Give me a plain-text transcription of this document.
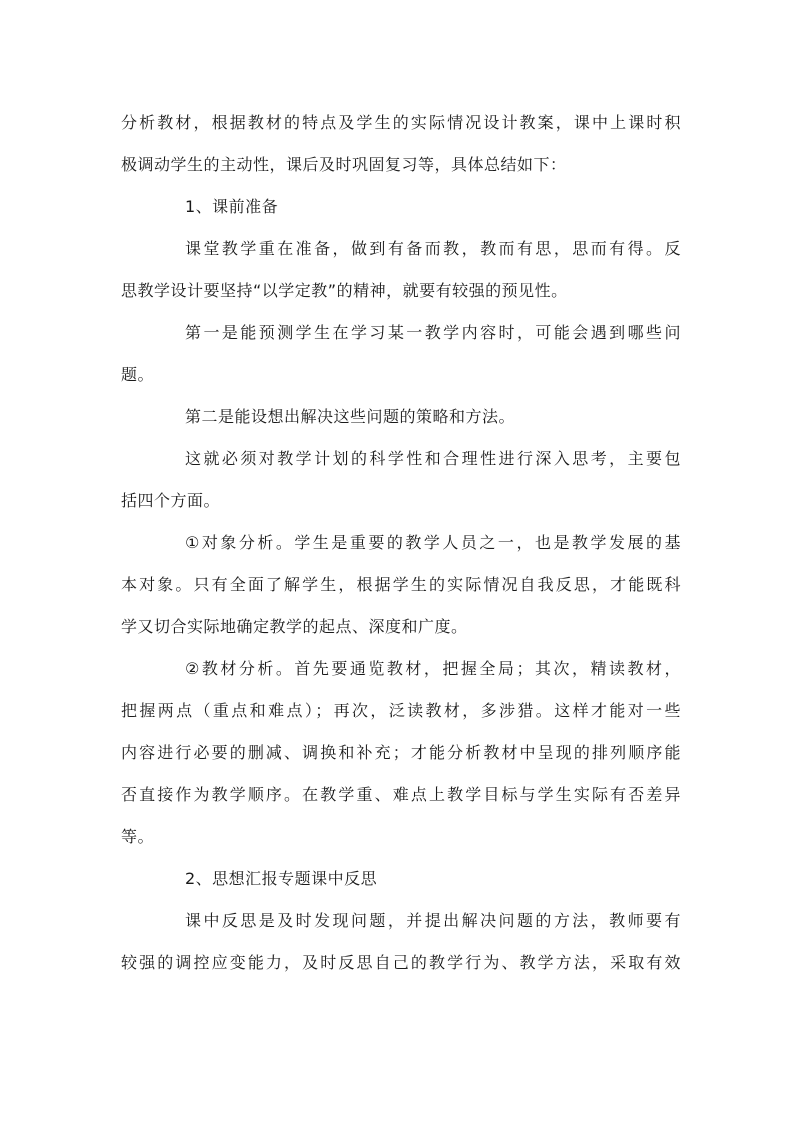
分析教材，根据教材的特点及学生的实际情况设计教案，课中上课时积
极调动学生的主动性，课后及时巩固复习等，具体总结如下：
1、课前准备
课堂教学重在准备，做到有备而教，教而有思，思而有得。反
思教学设计要坚持“以学定教”的精神，就要有较强的预见性。
第一是能预测学生在学习某一教学内容时，可能会遇到哪些问
题。
第二是能设想出解决这些问题的策略和方法。
这就必须对教学计划的科学性和合理性进行深入思考，主要包
括四个方面。
①对象分析。学生是重要的教学人员之一，也是教学发展的基
本对象。只有全面了解学生，根据学生的实际情况自我反思，才能既科
学又切合实际地确定教学的起点、深度和广度。
②教材分析。首先要通览教材，把握全局；其次，精读教材，
把握两点（重点和难点）；再次，泛读教材，多涉猎。这样才能对一些
内容进行必要的删减、调换和补充；才能分析教材中呈现的排列顺序能
否直接作为教学顺序。在教学重、难点上教学目标与学生实际有否差异
等。
2、思想汇报专题课中反思
课中反思是及时发现问题，并提出解决问题的方法，教师要有
较强的调控应变能力，及时反思自己的教学行为、教学方法，采取有效
